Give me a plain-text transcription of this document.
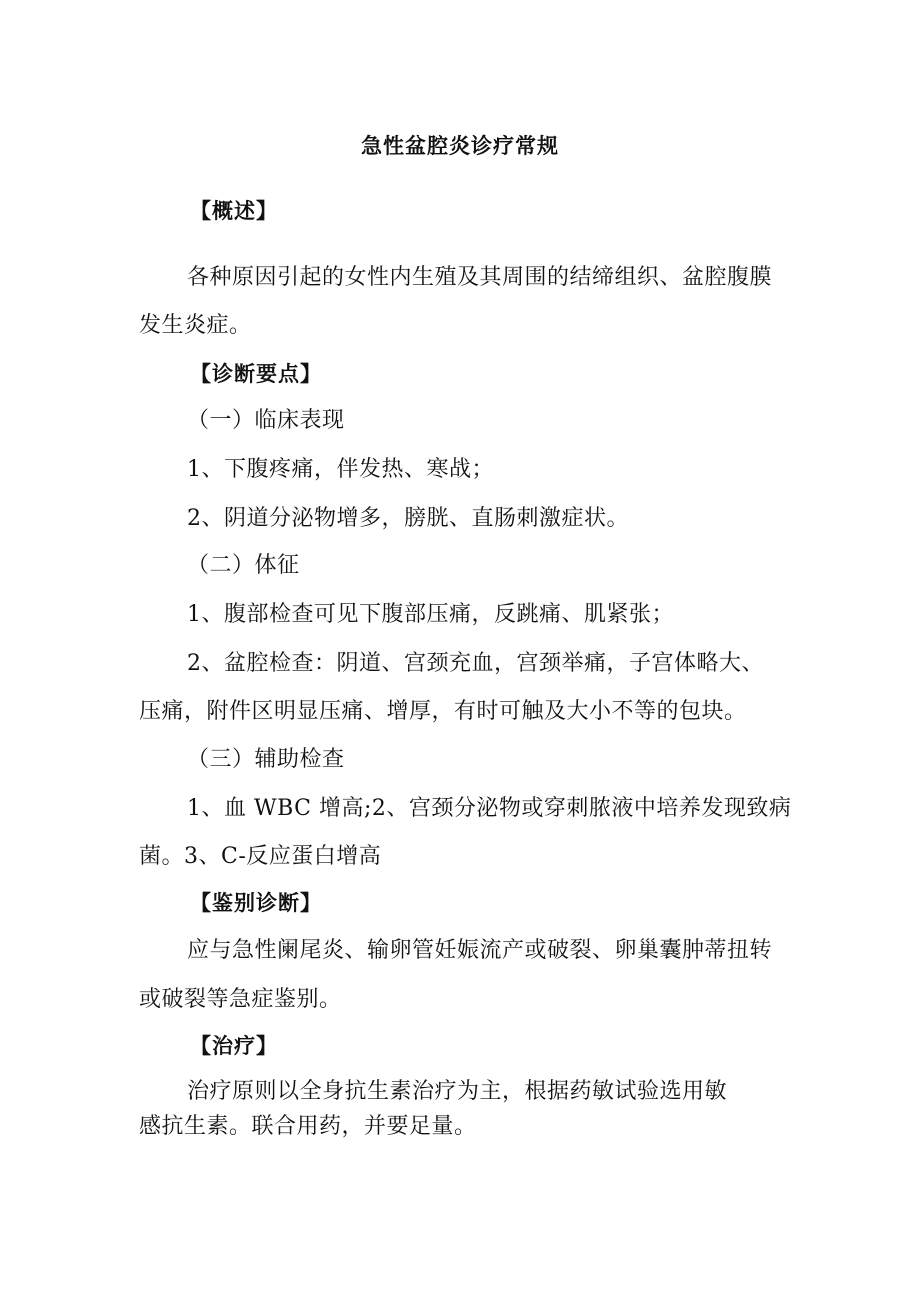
急性盆腔炎诊疗常规
【概述】
各种原因引起的女性内生殖及其周围的结缔组织、盆腔腹膜
发生炎症。
【诊断要点】
（一）临床表现
1、下腹疼痛，伴发热、寒战；
2、阴道分泌物增多，膀胱、直肠刺激症状。
（二）体征
1、腹部检查可见下腹部压痛，反跳痛、肌紧张；
2、盆腔检查：阴道、宫颈充血，宫颈举痛，子宫体略大、
压痛，附件区明显压痛、增厚，有时可触及大小不等的包块。
（三）辅助检查
1、血 WBC 增高;2、宫颈分泌物或穿刺脓液中培养发现致病
菌。3、C-反应蛋白增高
【鉴别诊断】
应与急性阑尾炎、输卵管妊娠流产或破裂、卵巢囊肿蒂扭转
或破裂等急症鉴别。
【治疗】
治疗原则以全身抗生素治疗为主，根据药敏试验选用敏
感抗生素。联合用药，并要足量。
